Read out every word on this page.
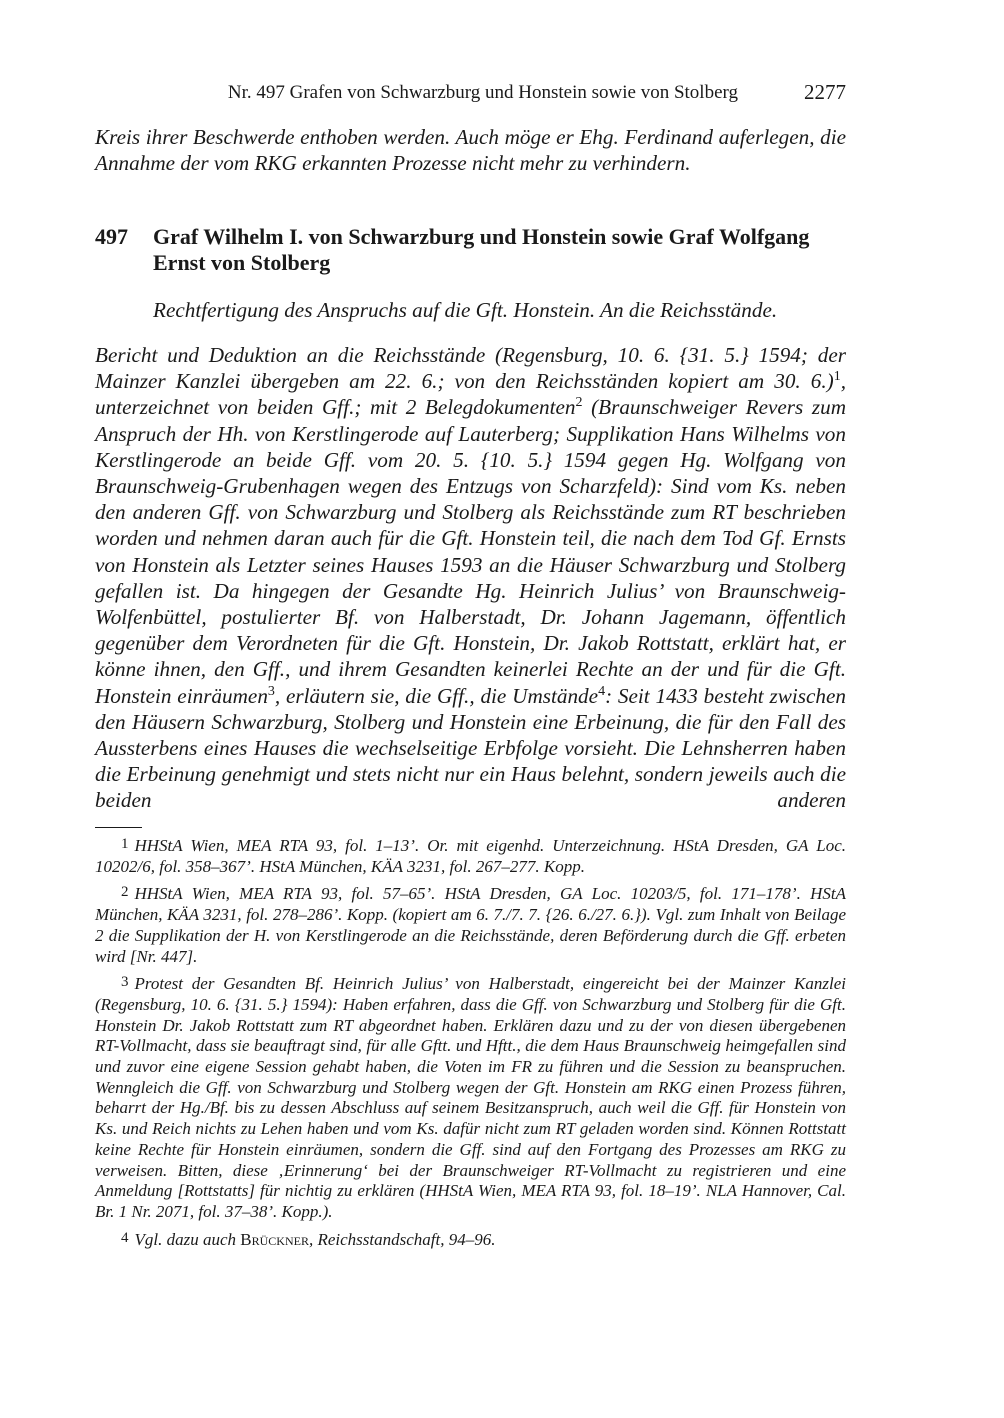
Nr. 497 Grafen von Schwarzburg und Honstein sowie von Stolberg	2277
Kreis ihrer Beschwerde enthoben werden. Auch möge er Ehg. Ferdinand auferlegen, die Annahme der vom RKG erkannten Prozesse nicht mehr zu verhindern.
497 Graf Wilhelm I. von Schwarzburg und Honstein sowie Graf Wolfgang Ernst von Stolberg
Rechtfertigung des Anspruchs auf die Gft. Honstein. An die Reichsstände.
Bericht und Deduktion an die Reichsstände (Regensburg, 10. 6. {31. 5.} 1594; der Mainzer Kanzlei übergeben am 22. 6.; von den Reichsständen kopiert am 30. 6.)$^1$, unterzeichnet von beiden Gff.; mit 2 Belegdokumenten$^2$ (Braunschweiger Revers zum Anspruch der Hh. von Kerstlingerode auf Lauterberg; Supplikation Hans Wilhelms von Kerstlingerode an beide Gff. vom 20. 5. {10. 5.} 1594 gegen Hg. Wolfgang von Braunschweig-Grubenhagen wegen des Entzugs von Scharzfeld): Sind vom Ks. neben den anderen Gff. von Schwarzburg und Stolberg als Reichsstände zum RT beschrieben worden und nehmen daran auch für die Gft. Honstein teil, die nach dem Tod Gf. Ernsts von Honstein als Letzter seines Hauses 1593 an die Häuser Schwarzburg und Stolberg gefallen ist. Da hingegen der Gesandte Hg. Heinrich Julius’ von Braunschweig-Wolfenbüttel, postulierter Bf. von Halberstadt, Dr. Johann Jagemann, öffentlich gegenüber dem Verordneten für die Gft. Honstein, Dr. Jakob Rottstatt, erklärt hat, er könne ihnen, den Gff., und ihrem Gesandten keinerlei Rechte an der und für die Gft. Honstein einräumen$^3$, erläutern sie, die Gff., die Umstände$^4$: Seit 1433 besteht zwischen den Häusern Schwarzburg, Stolberg und Honstein eine Erbeinung, die für den Fall des Aussterbens eines Hauses die wechselseitige Erbfolge vorsieht. Die Lehnsherren haben die Erbeinung genehmigt und stets nicht nur ein Haus belehnt, sondern jeweils auch die beiden anderen

1 HHStA Wien, MEA RTA 93, fol. 1–13’. Or. mit eigenhd. Unterzeichnung. HStA Dresden, GA Loc. 10202/6, fol. 358–367’. HStA München, KÄA 3231, fol. 267–277. Kopp.

2 HHStA Wien, MEA RTA 93, fol. 57–65’. HStA Dresden, GA Loc. 10203/5, fol. 171–178’. HStA München, KÄA 3231, fol. 278–286’. Kopp. (kopiert am 6. 7./7. 7. {26. 6./27. 6.}). Vgl. zum Inhalt von Beilage 2 die Supplikation der H. von Kerstlingerode an die Reichsstände, deren Beförderung durch die Gff. erbeten wird [Nr. 447].

3 Protest der Gesandten Bf. Heinrich Julius’ von Halberstadt, eingereicht bei der Mainzer Kanzlei (Regensburg, 10. 6. {31. 5.} 1594): Haben erfahren, dass die Gff. von Schwarzburg und Stolberg für die Gft. Honstein Dr. Jakob Rottstatt zum RT abgeordnet haben. Erklären dazu und zu der von diesen übergebenen RT-Vollmacht, dass sie beauftragt sind, für alle Gftt. und Hftt., die dem Haus Braunschweig heimgefallen sind und zuvor eine eigene Session gehabt haben, die Voten im FR zu führen und die Session zu beanspruchen. Wenngleich die Gff. von Schwarzburg und Stolberg wegen der Gft. Honstein am RKG einen Prozess führen, beharrt der Hg./Bf. bis zu dessen Abschluss auf seinem Besitzanspruch, auch weil die Gff. für Honstein von Ks. und Reich nichts zu Lehen haben und vom Ks. dafür nicht zum RT geladen worden sind. Können Rottstatt keine Rechte für Honstein einräumen, sondern die Gff. sind auf den Fortgang des Prozesses am RKG zu verweisen. Bitten, diese ‚Erinnerung‘ bei der Braunschweiger RT-Vollmacht zu registrieren und eine Anmeldung [Rottstatts] für nichtig zu erklären (HHStA Wien, MEA RTA 93, fol. 18–19’. NLA Hannover, Cal. Br. 1 Nr. 2071, fol. 37–38’. Kopp.).

4 Vgl. dazu auch Brückner, Reichsstandschaft, 94–96.
